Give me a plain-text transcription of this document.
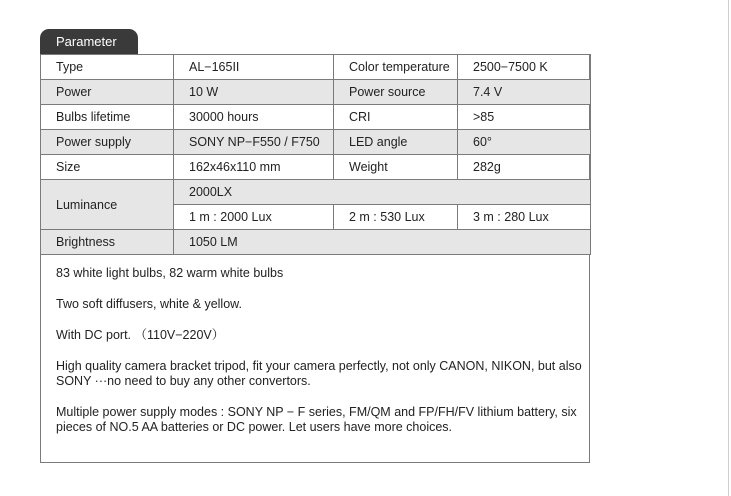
Parameter
Type	AL−165II	Color temperature	2500−7500 K
Power	10 W	Power source	7.4 V
Bulbs lifetime	30000 hours	CRI	>85
Power supply	SONY NP−F550 / F750	LED angle	60°
Size	162x46x110 mm	Weight	282g
Luminance	2000LX		
	1 m : 2000 Lux	2 m : 530 Lux	3 m : 280 Lux
Brightness	1050 LM		

83 white light bulbs, 82 warm white bulbs

Two soft diffusers, white & yellow.

With DC port. （110V−220V）

High quality camera bracket tripod, fit your camera perfectly, not only CANON, NIKON, but also SONY ···no need to buy any other convertors.

Multiple power supply modes : SONY NP − F series, FM/QM and FP/FH/FV lithium battery, six pieces of NO.5 AA batteries or DC power. Let users have more choices.
